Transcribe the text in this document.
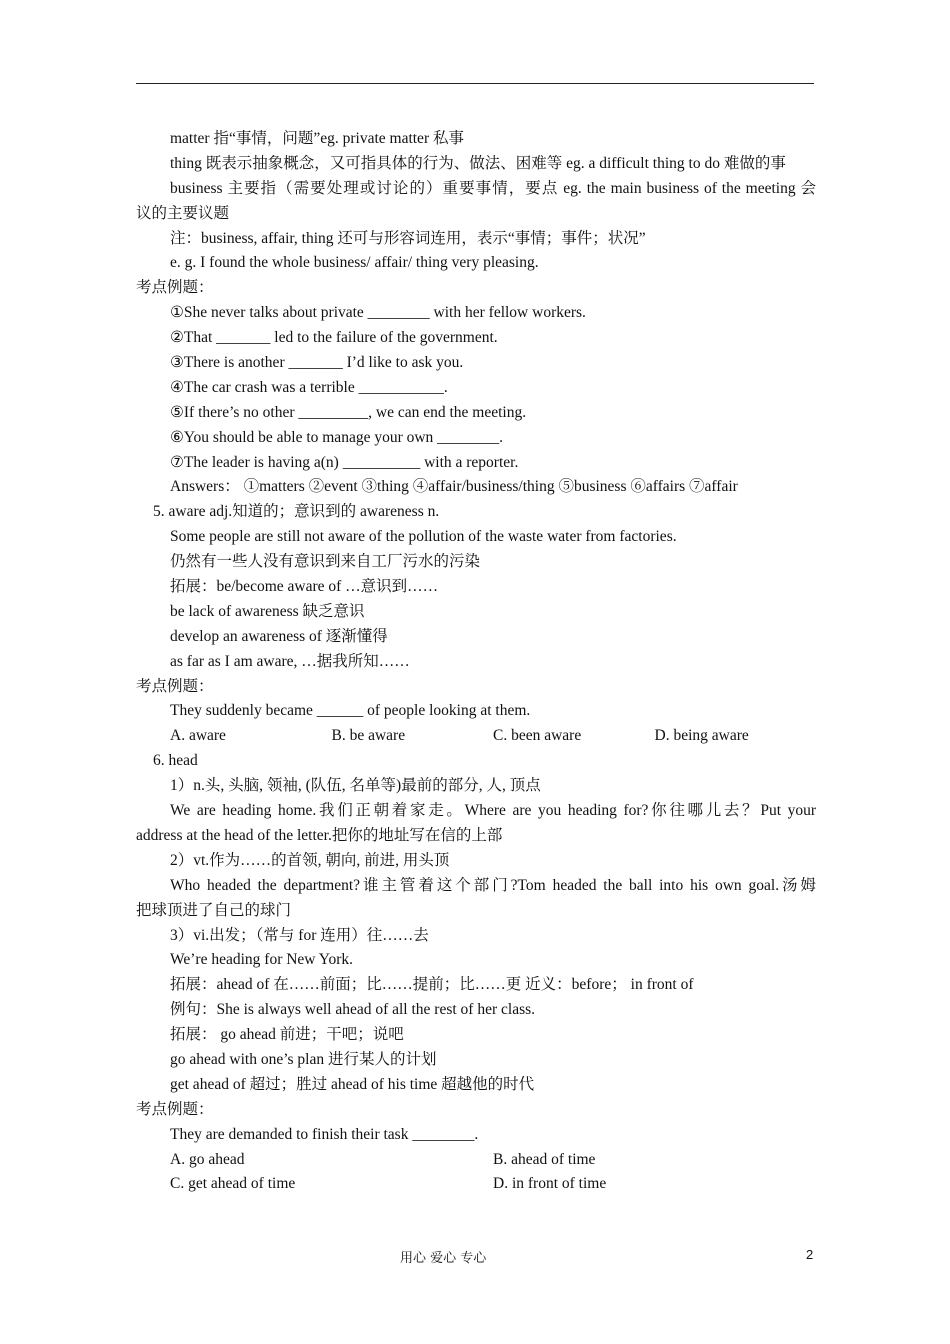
matter 指“事情，问题”eg. private matter 私事
thing 既表示抽象概念，又可指具体的行为、做法、困难等 eg. a difficult thing to do 难做的事
business 主要指（需要处理或讨论的）重要事情，要点 eg. the main business of the meeting 会
议的主要议题
注：business, affair, thing 还可与形容词连用，表示“事情；事件；状况”
e. g. I found the whole business/ affair/ thing very pleasing.
考点例题：
①She never talks about private ________ with her fellow workers.
②That _______ led to the failure of the government.
③There is another _______ I’d like to ask you.
④The car crash was a terrible ___________.
⑤If there’s no other _________, we can end the meeting.
⑥You should be able to manage your own ________.
⑦The leader is having a(n) __________ with a reporter.
Answers： ①matters ②event ③thing ④affair/business/thing ⑤business ⑥affairs ⑦affair
5. aware adj.知道的；意识到的 awareness n.
Some people are still not aware of the pollution of the waste water from factories.
仍然有一些人没有意识到来自工厂污水的污染
拓展：be/become aware of …意识到……
be lack of awareness 缺乏意识
develop an awareness of 逐渐懂得
as far as I am aware, …据我所知……
考点例题：
They suddenly became ______ of people looking at them.
A. aware	B. be aware	C. been aware	D. being aware
6. head
1）n.头, 头脑, 领袖, (队伍, 名单等)最前的部分, 人, 顶点
We are heading home.我们正朝着家走。Where are you heading for?你往哪儿去？Put your
address at the head of the letter.把你的地址写在信的上部
2）vt.作为……的首领, 朝向, 前进, 用头顶
Who headed the department?谁主管着这个部门?Tom headed the ball into his own goal.汤姆
把球顶进了自己的球门
3）vi.出发；（常与 for 连用）往……去
We’re heading for New York.
拓展：ahead of 在……前面；比……提前；比……更 近义：before； in front of
例句：She is always well ahead of all the rest of her class.
拓展： go ahead 前进；干吧；说吧
go ahead with one’s plan 进行某人的计划
get ahead of 超过；胜过 ahead of his time 超越他的时代
考点例题：
They are demanded to finish their task ________.
A. go ahead	B. ahead of time
C. get ahead of time	D. in front of time
用心 爱心 专心	2
